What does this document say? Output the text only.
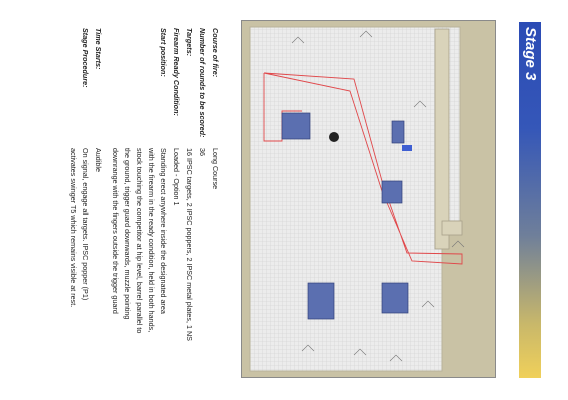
Course of fire:
Long Course
Number of rounds to be scored:
36
Targets:
16 IPSC targets, 2 IPSC poppers, 2 IPSC metal plates, 1 NS
Firearm Ready Condition:
Loaded - Option 1
Start position:
Standing erect anywhere inside the designated area
with the firearm in the ready condition, held in both hands,
stock touching the competitor at hip level, barrel parallel to
the ground, trigger guard downwards, muzzle pointing
downrange with the fingers outside the trigger guard
Time Starts:
Audible
Stage Procedure:
On signal, engage all targets. IPSC popper (P1)
activates swinger T5 which remains visible at rest.
Stage 3
